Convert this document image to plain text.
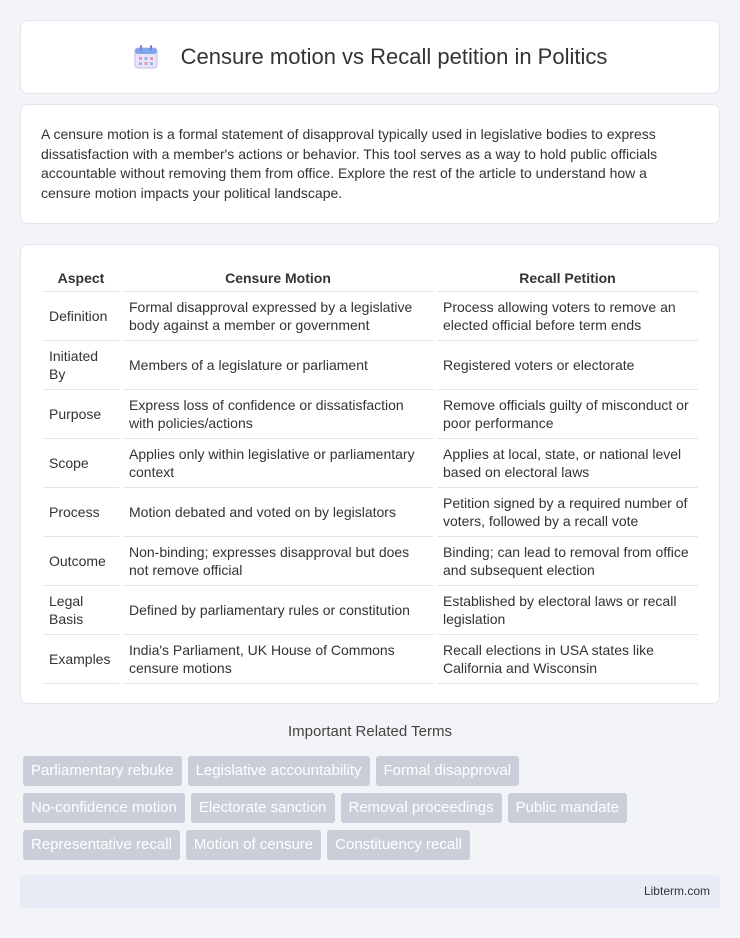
Censure motion vs Recall petition in Politics

A censure motion is a formal statement of disapproval typically used in legislative bodies to express dissatisfaction with a member's actions or behavior. This tool serves as a way to hold public officials accountable without removing them from office. Explore the rest of the article to understand how a censure motion impacts your political landscape.

Aspect	Censure Motion	Recall Petition
Definition	Formal disapproval expressed by a legislative body against a member or government	Process allowing voters to remove an elected official before term ends
Initiated By	Members of a legislature or parliament	Registered voters or electorate
Purpose	Express loss of confidence or dissatisfaction with policies/actions	Remove officials guilty of misconduct or poor performance
Scope	Applies only within legislative or parliamentary context	Applies at local, state, or national level based on electoral laws
Process	Motion debated and voted on by legislators	Petition signed by a required number of voters, followed by a recall vote
Outcome	Non-binding; expresses disapproval but does not remove official	Binding; can lead to removal from office and subsequent election
Legal Basis	Defined by parliamentary rules or constitution	Established by electoral laws or recall legislation
Examples	India's Parliament, UK House of Commons censure motions	Recall elections in USA states like California and Wisconsin
Important Related Terms
Parliamentary rebuke	Legislative accountability	Formal disapproval
No-confidence motion	Electorate sanction	Removal proceedings	Public mandate
Representative recall	Motion of censure	Constituency recall
Libterm.com
